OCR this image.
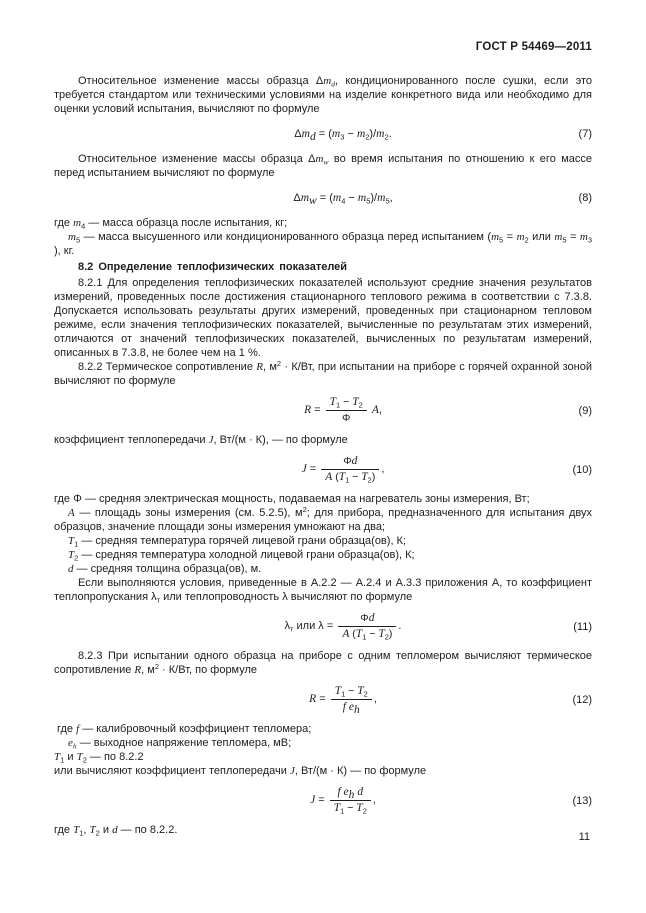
ГОСТ Р 54469—2011

Относительное изменение массы образца $\Delta m_d$, кондиционированного после сушки, если это требуется стандартом или техническими условиями на изделие конкретного вида или необходимо для оценки условий испытания, вычисляют по формуле

$\Delta m_d = (m_3 - m_2)/m_2$.	(7)

Относительное изменение массы образца $\Delta m_w$ во время испытания по отношению к его массе перед испытанием вычисляют по формуле

$\Delta m_w = (m_4 - m_5)/m_5$,	(8)

где $m_4$ — масса образца после испытания, кг;

$m_5$ — масса высушенного или кондиционированного образца перед испытанием ($m_5 = m_2$ или $m_5 = m_3$ ), кг.

8.2 Определение теплофизических показателей

8.2.1 Для определения теплофизических показателей используют средние значения результатов измерений, проведенных после достижения стационарного теплового режима в соответствии с 7.3.8. Допускается использовать результаты других измерений, проведенных при стационарном тепловом режиме, если значения теплофизических показателей, вычисленные по результатам этих измерений, отличаются от значений теплофизических показателей, вычисленных по результатам измерений, описанных в 7.3.8, не более чем на 1 %.

8.2.2 Термическое сопротивление R, $м^2 \cdot К/Вт$, при испытании на приборе с горячей охранной зоной вычисляют по формуле

$R = \frac{T_1 - T_2}{\Phi} A$,	(9)

коэффициент теплопередачи J, Вт/(м · К), — по формуле

$J = \frac{\Phi d}{A (T_1 - T_2)}$ ,	(10)

где Φ — средняя электрическая мощность, подаваемая на нагреватель зоны измерения, Вт;

A — площадь зоны измерения (см. 5.2.5), $м^2$; для прибора, предназначенного для испытания двух образцов, значение площади зоны измерения умножают на два;

$T_1$ — средняя температура горячей лицевой грани образца(ов), К;

$T_2$ — средняя температура холодной лицевой грани образца(ов), К;

d — средняя толщина образца(ов), м.

Если выполняются условия, приведенные в А.2.2 — А.2.4 и А.3.3 приложения А, то коэффициент теплопропускания $\lambda_т$ или теплопроводность λ вычисляют по формуле

$\lambda_т$ или $\lambda = \frac{\Phi d}{A (T_1 - T_2)}$ .	(11)

8.2.3 При испытании одного образца на приборе с одним тепломером вычисляют термическое сопротивление R, $м^2 \cdot К/Вт$, по формуле

$R = \frac{T_1 - T_2}{f e_h}$ ,	(12)

где f — калибровочный коэффициент тепломера;

$e_h$ — выходное напряжение тепломера, мВ;

$T_1$ и $T_2$ — по 8.2.2

или вычисляют коэффициент теплопередачи J, Вт/(м · К) — по формуле

$J = \frac{f e_h d}{T_1 - T_2}$ ,	(13)

где $T_1$, $T_2$ и d — по 8.2.2.

11
